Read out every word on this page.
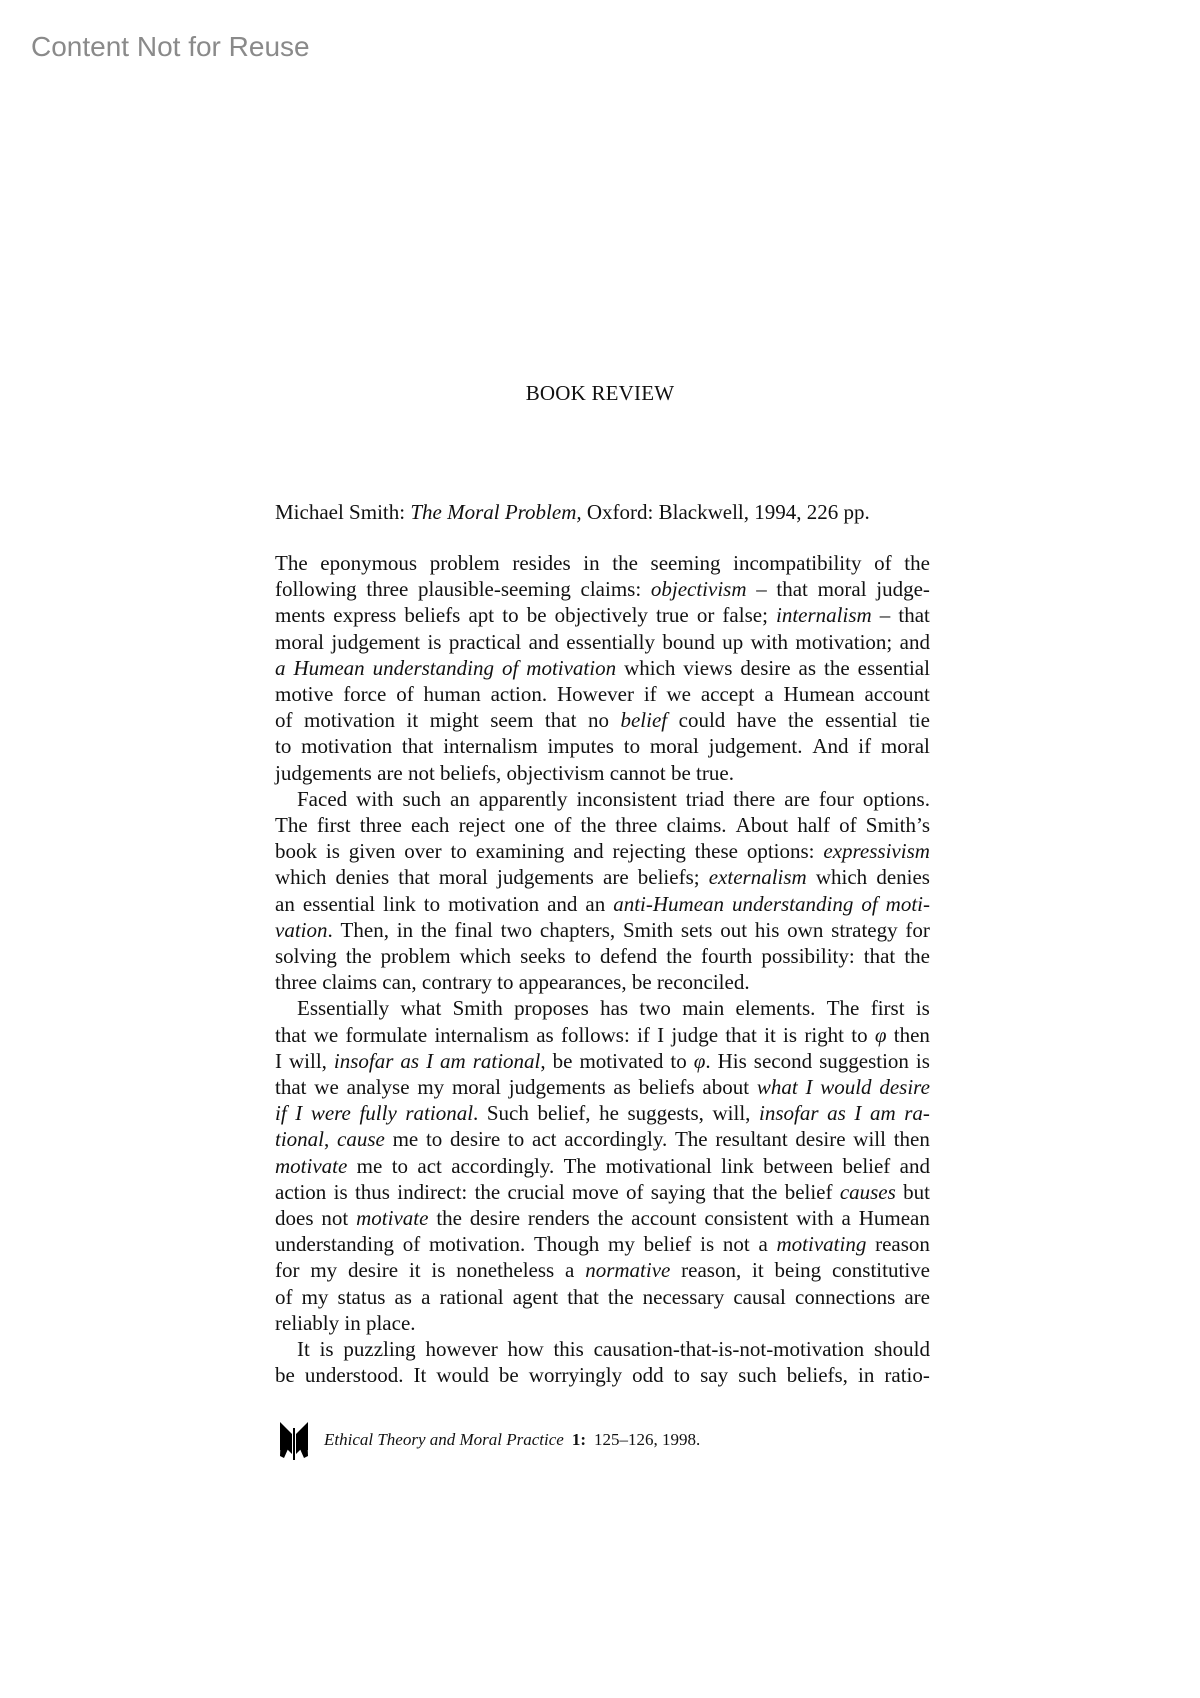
Content Not for Reuse
BOOK REVIEW
Michael Smith: The Moral Problem, Oxford: Blackwell, 1994, 226 pp.
The eponymous problem resides in the seeming incompatibility of the
following three plausible-seeming claims: objectivism – that moral judge-
ments express beliefs apt to be objectively true or false; internalism – that
moral judgement is practical and essentially bound up with motivation; and
a Humean understanding of motivation which views desire as the essential
motive force of human action. However if we accept a Humean account
of motivation it might seem that no belief could have the essential tie
to motivation that internalism imputes to moral judgement. And if moral
judgements are not beliefs, objectivism cannot be true.
Faced with such an apparently inconsistent triad there are four options.
The first three each reject one of the three claims. About half of Smith’s
book is given over to examining and rejecting these options: expressivism
which denies that moral judgements are beliefs; externalism which denies
an essential link to motivation and an anti-Humean understanding of moti-
vation. Then, in the final two chapters, Smith sets out his own strategy for
solving the problem which seeks to defend the fourth possibility: that the
three claims can, contrary to appearances, be reconciled.
Essentially what Smith proposes has two main elements. The first is
that we formulate internalism as follows: if I judge that it is right to φ then
I will, insofar as I am rational, be motivated to φ. His second suggestion is
that we analyse my moral judgements as beliefs about what I would desire
if I were fully rational. Such belief, he suggests, will, insofar as I am ra-
tional, cause me to desire to act accordingly. The resultant desire will then
motivate me to act accordingly. The motivational link between belief and
action is thus indirect: the crucial move of saying that the belief causes but
does not motivate the desire renders the account consistent with a Humean
understanding of motivation. Though my belief is not a motivating reason
for my desire it is nonetheless a normative reason, it being constitutive
of my status as a rational agent that the necessary causal connections are
reliably in place.
It is puzzling however how this causation-that-is-not-motivation should
be understood. It would be worryingly odd to say such beliefs, in ratio-
Ethical Theory and Moral Practice 1: 125–126, 1998.
